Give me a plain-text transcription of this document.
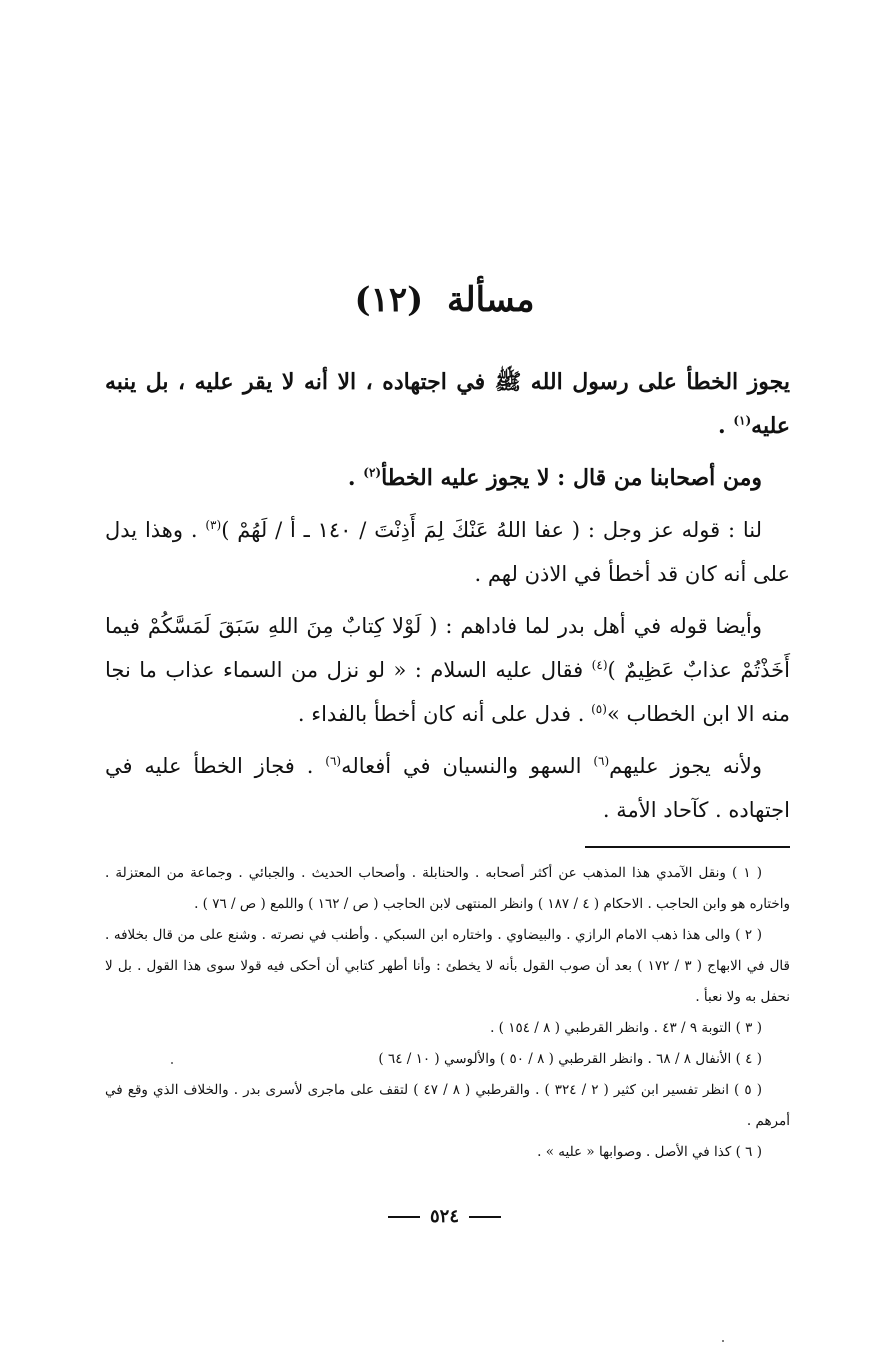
مسألة (١٢)

يجوز الخطأ على رسول الله ﷺ في اجتهاده ، الا أنه لا يقر عليه ، بل ينبه عليه$^{(١)}$ .

ومن أصحابنا من قال : لا يجوز عليه الخطأ$^{(٢)}$ .

لنا : قوله عز وجل : ( عفا اللهُ عَنْكَ لِمَ أَذِنْتَ / ١٤٠ ـ أ / لَهُمْ )$^{(٣)}$ . وهذا يدل على أنه كان قد أخطأ في الاذن لهم .

وأيضا قوله في أهل بدر لما فاداهم : ( لَوْلا كِتابٌ مِنَ اللهِ سَبَقَ لَمَسَّكُمْ فيما أَخَذْتُمْ عذابٌ عَظِيمٌ )$^{(٤)}$ فقال عليه السلام : « لو نزل من السماء عذاب ما نجا منه الا ابن الخطاب »$^{(٥)}$ . فدل على أنه كان أخطأ بالفداء .

ولأنه يجوز عليهم$^{(٦)}$ السهو والنسيان في أفعاله$^{(٦)}$ . فجاز الخطأ عليه في اجتهاده . كآحاد الأمة .

( ١ ) ونقل الآمدي هذا المذهب عن أكثر أصحابه . والحنابلة . وأصحاب الحديث . والجبائي . وجماعة من المعتزلة . واختاره هو وابن الحاجب . الاحكام ( ٤ / ١٨٧ ) وانظر المنتهى لابن الحاجب ( ص / ١٦٢ ) واللمع ( ص / ٧٦ ) .

( ٢ ) والى هذا ذهب الامام الرازي . والبيضاوي . واختاره ابن السبكي . وأطنب في نصرته . وشنع على من قال بخلافه . قال في الابهاج ( ٣ / ١٧٢ ) بعد أن صوب القول بأنه لا يخطئ : وأنا أطهر كتابي أن أحكى فيه قولا سوى هذا القول . بل لا نحفل به ولا نعبأ .

( ٣ ) التوبة ٩ / ٤٣ . وانظر القرطبي ( ٨ / ١٥٤ ) .

( ٤ ) الأنفال ٨ / ٦٨ . وانظر القرطبي ( ٨ / ٥٠ ) والألوسي ( ١٠ / ٦٤ )

( ٥ ) انظر تفسير ابن كثير ( ٢ / ٣٢٤ ) . والقرطبي ( ٨ / ٤٧ ) لتقف على ماجرى لأسرى بدر . والخلاف الذي وقع في أمرهم .

( ٦ ) كذا في الأصل . وصوابها « عليه » .

٥٢٤
